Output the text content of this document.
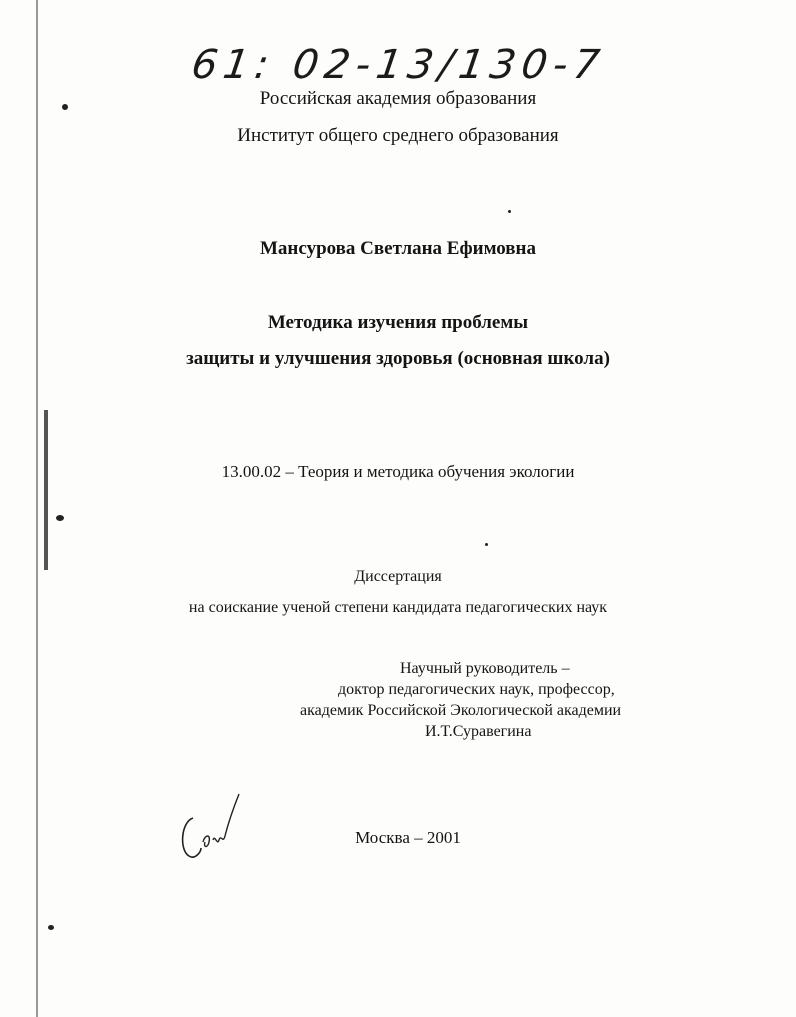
61: 02-13/130-7
Российская академия образования
Институт общего среднего образования
Мансурова Светлана Ефимовна
Методика изучения проблемы
защиты и улучшения здоровья (основная школа)
13.00.02 – Теория и методика обучения экологии
Диссертация
на соискание ученой степени кандидата педагогических наук
Научный руководитель –
доктор педагогических наук, профессор,
академик Российской Экологической академии
И.Т.Суравегина
Москва – 2001
